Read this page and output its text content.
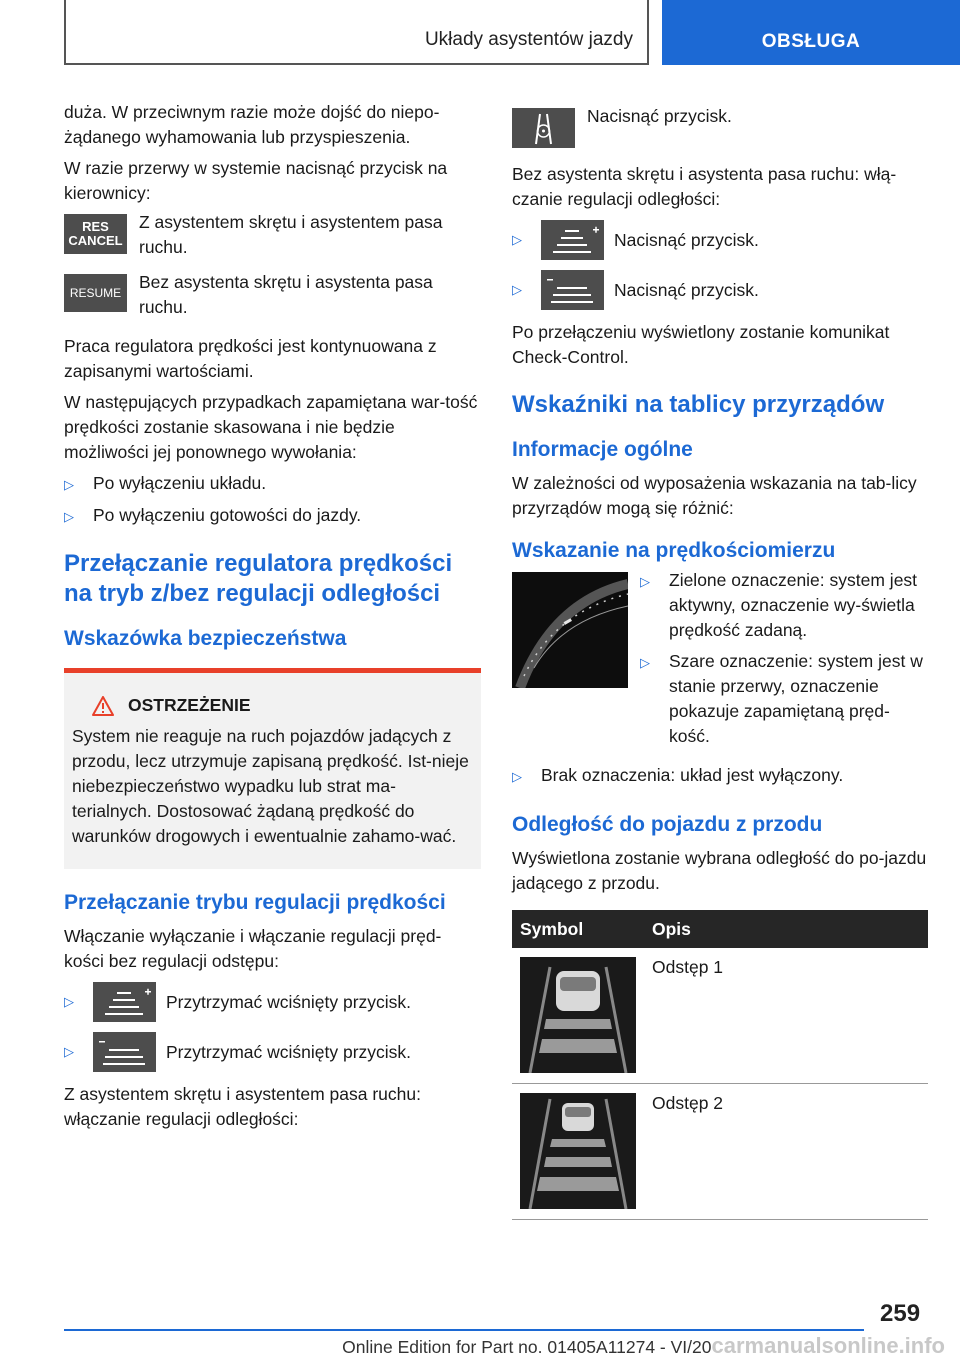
Układy asystentów jazdy	OBSŁUGA

duża. W przeciwnym razie może dojść do niepo-żądanego wyhamowania lub przyspieszenia.

W razie przerwy w systemie nacisnąć przycisk na kierownicy:

RES
CANCEL
Z asystentem skrętu i asystentem pasa ruchu.
RESUME
Bez asystenta skrętu i asystenta pasa ruchu.

Praca regulatora prędkości jest kontynuowana z zapisanymi wartościami.

W następujących przypadkach zapamiętana war-tość prędkości zostanie skasowana i nie będzie możliwości jej ponownego wywołania:

▷	Po wyłączeniu układu.
▷	Po wyłączeniu gotowości do jazdy.
Przełączanie regulatora prędkości na tryb z/bez regulacji odległości
Wskazówka bezpieczeństwa
OSTRZEŻENIE
System nie reaguje na ruch pojazdów jadących z przodu, lecz utrzymuje zapisaną prędkość. Ist-nieje niebezpieczeństwo wypadku lub strat ma-terialnych. Dostosować żądaną prędkość do warunków drogowych i ewentualnie zahamo-wać.
Przełączanie trybu regulacji prędkości

Włączanie wyłączanie i włączanie regulacji pręd-kości bez regulacji odstępu:

▷	Przytrzymać wciśnięty przycisk.
▷	Przytrzymać wciśnięty przycisk.

Z asystentem skrętu i asystentem pasa ruchu: włączanie regulacji odległości:

Nacisnąć przycisk.

Bez asystenta skrętu i asystenta pasa ruchu: włą-czanie regulacji odległości:

▷	Nacisnąć przycisk.
▷	Nacisnąć przycisk.

Po przełączeniu wyświetlony zostanie komunikat Check-Control.

Wskaźniki na tablicy przyrządów
Informacje ogólne

W zależności od wyposażenia wskazania na tab-licy przyrządów mogą się różnić:

Wskazanie na prędkościomierzu
▷	Zielone oznaczenie: system jest aktywny, oznaczenie wy-świetla prędkość zadaną.
▷	Szare oznaczenie: system jest w stanie przerwy, oznaczenie pokazuje zapamiętaną pręd-kość.
▷	Brak oznaczenia: układ jest wyłączony.
Odległość do pojazdu z przodu

Wyświetlona zostanie wybrana odległość do po-jazdu jadącego z przodu.

Symbol	Opis

	Odstęp 1

	Odstęp 2
259
Online Edition for Part no. 01405A11274 - VI/20carmanualsonline.info
